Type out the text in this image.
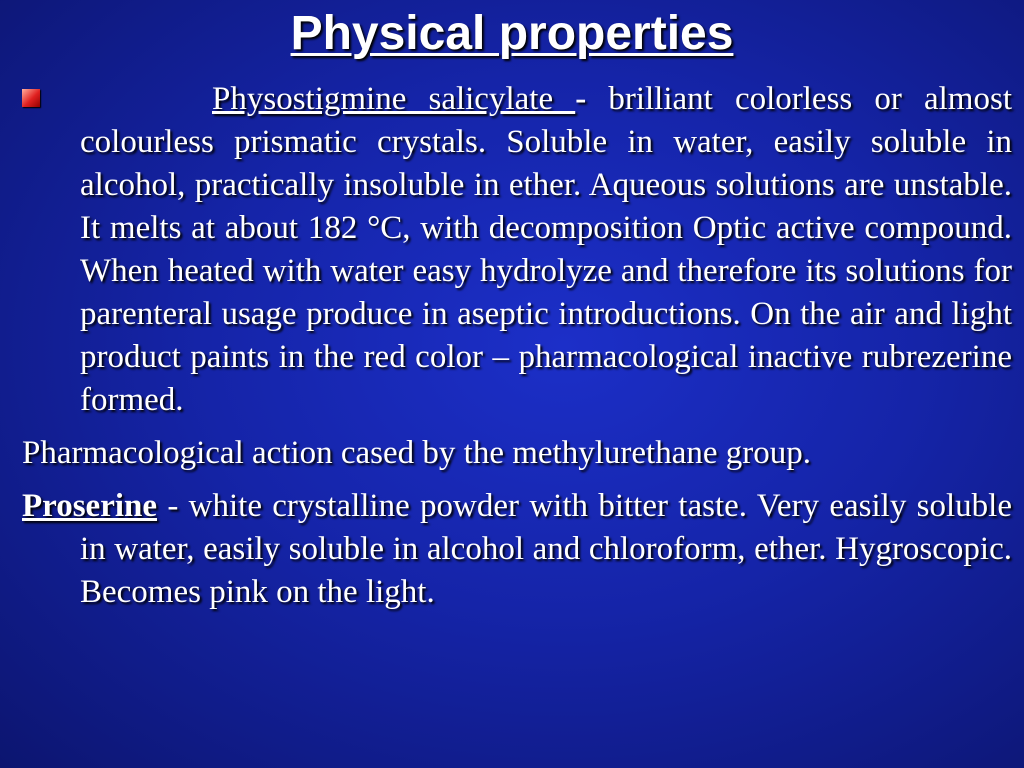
Physical properties

Physostigmine salicylate - brilliant colorless or almost colourless prismatic crystals. Soluble in water, easily soluble in alcohol, practically insoluble in ether. Aqueous solutions are unstable. It melts at about 182 °C, with decomposition Optic active compound. When heated with water easy hydrolyze and therefore its solutions for parenteral usage produce in aseptic introductions. On the air and light product paints in the red color – pharmacological inactive rubrezerine formed.

Pharmacological action cased by the methylurethane group.

Proserine - white crystalline powder with bitter taste. Very easily soluble in water, easily soluble in alcohol and chloroform, ether. Hygroscopic. Becomes pink on the light.
